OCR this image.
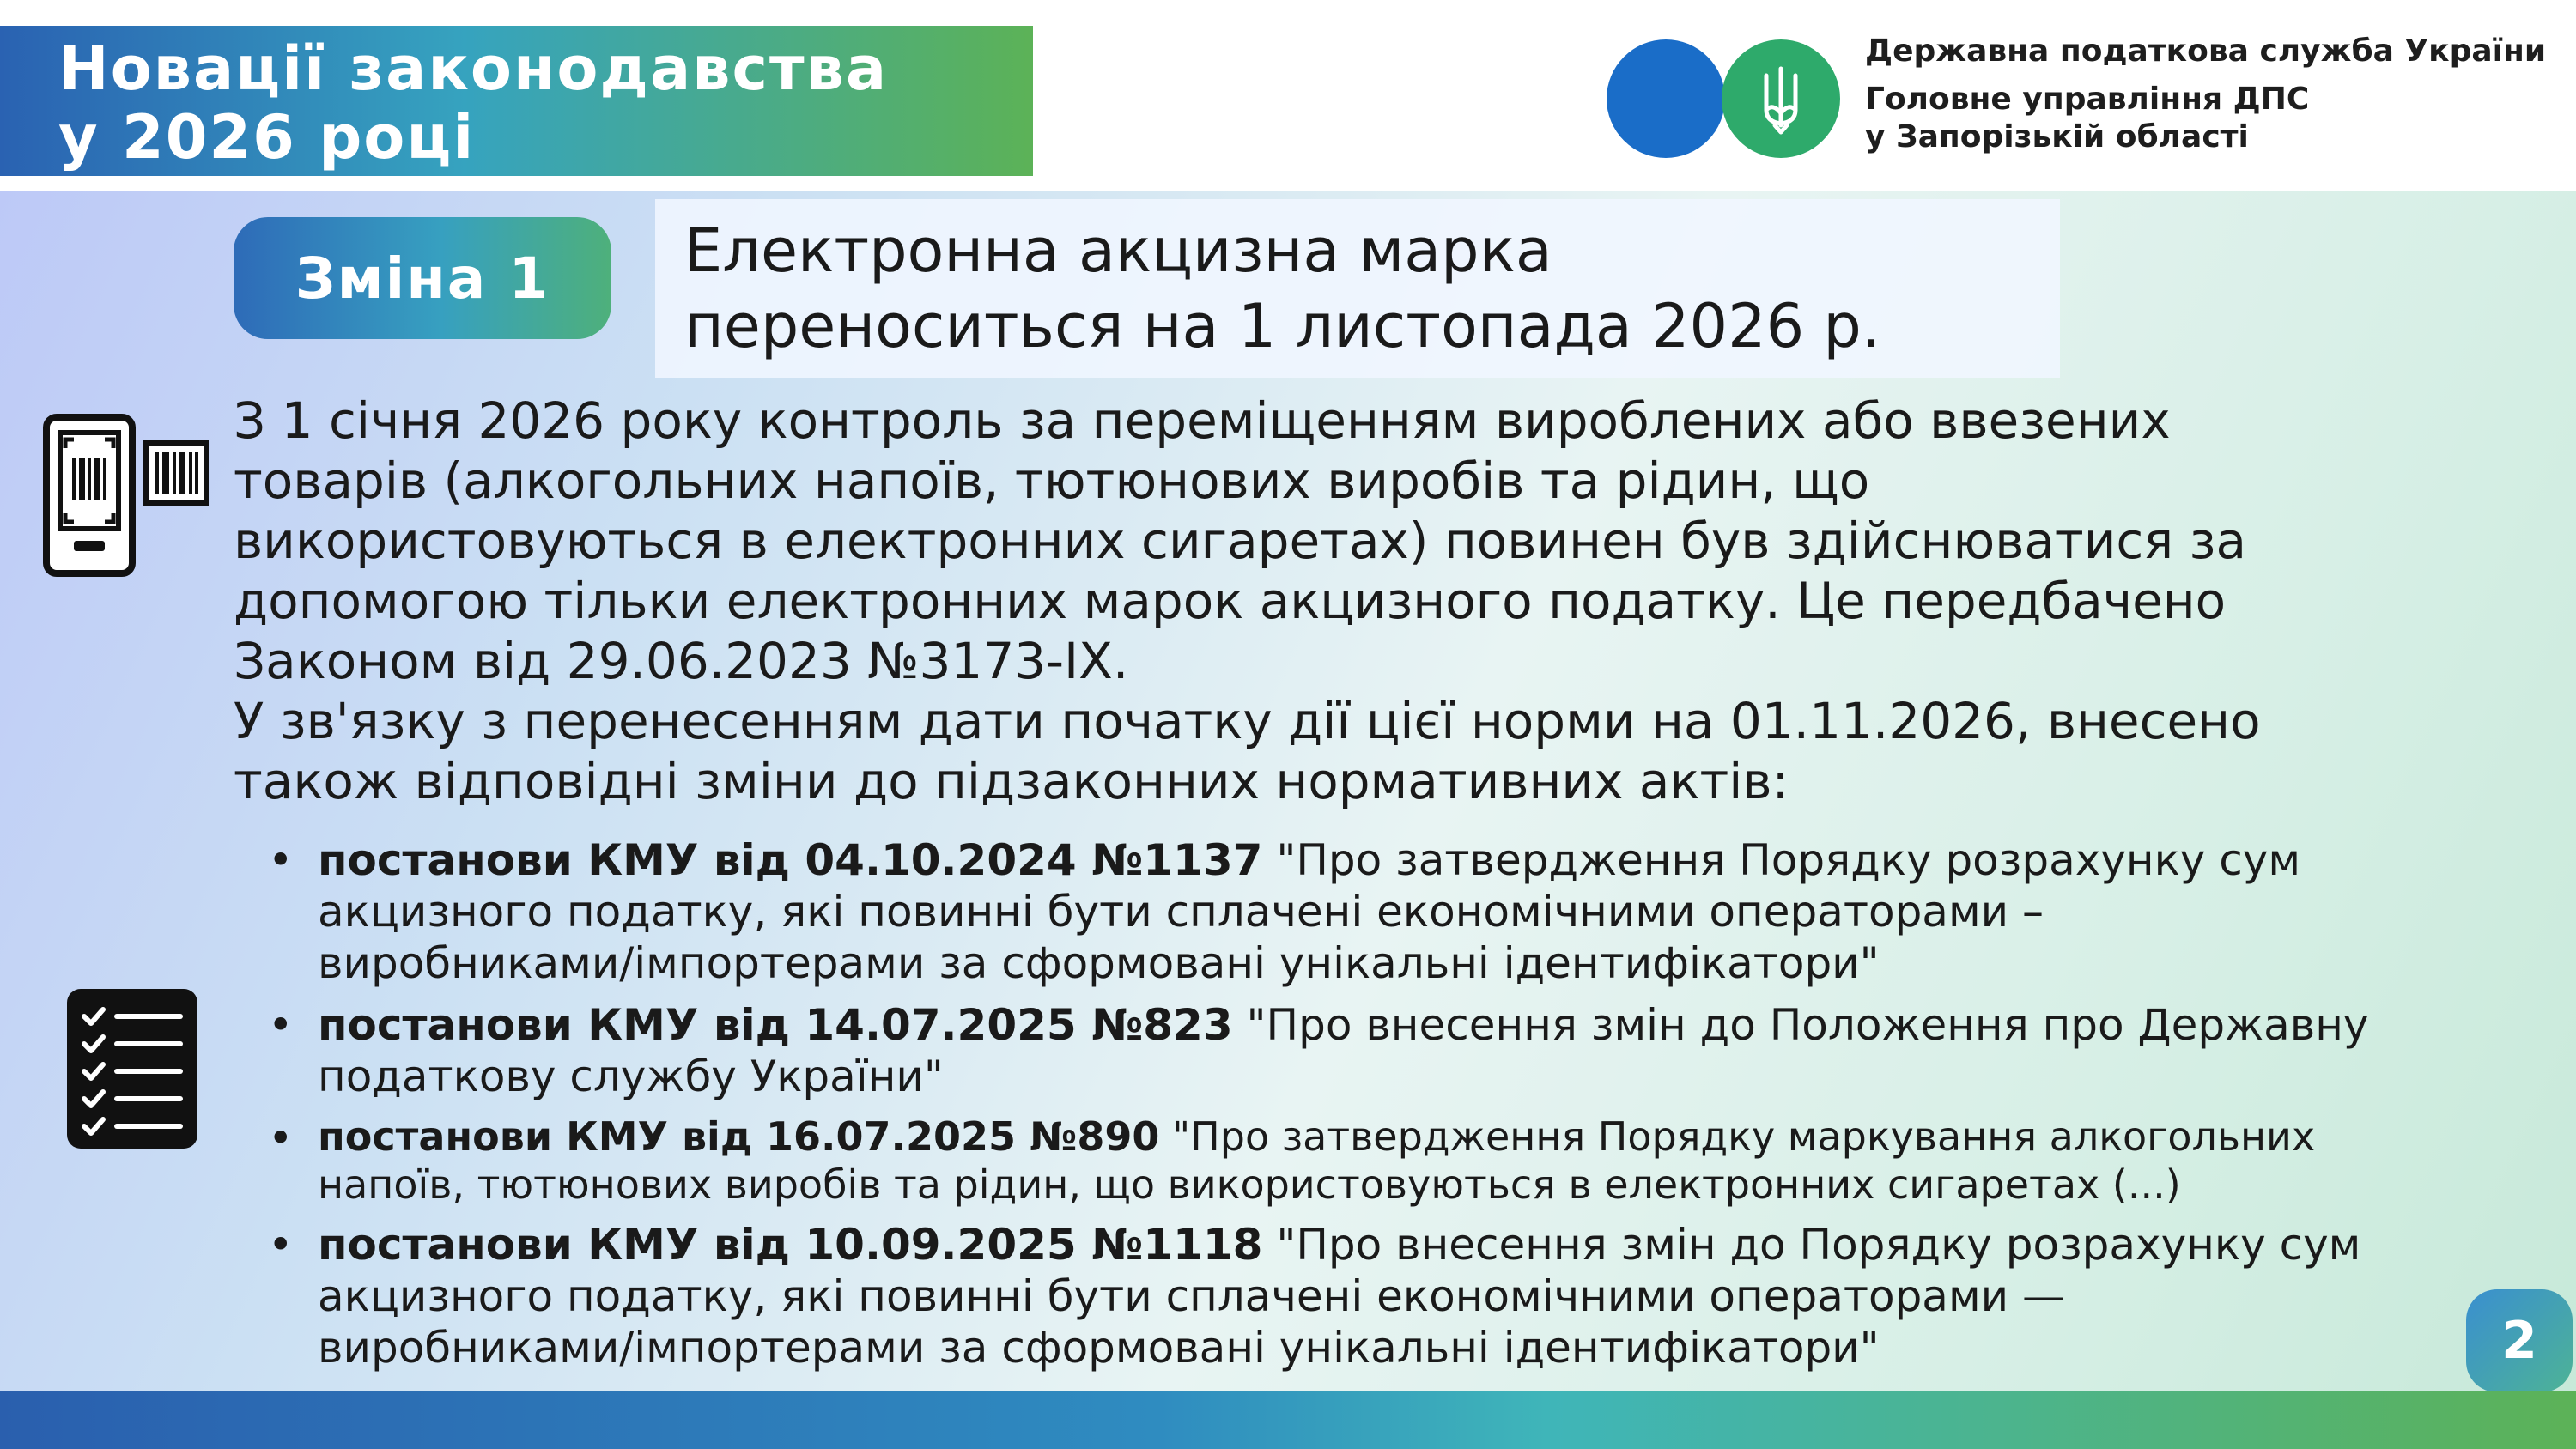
Новації законодавства
у 2026 році
Державна податкова служба України
Головне управління ДПС
у Запорізькій області
Зміна 1	Електронна акцизна марка
переноситься на 1 листопада 2026 р.
З 1 січня 2026 року контроль за переміщенням вироблених або ввезених
товарів (алкогольних напоїв, тютюнових виробів та рідин, що
використовуються в електронних сигаретах) повинен був здійснюватися за
допомогою тільки електронних марок акцизного податку. Це передбачено
Законом від 29.06.2023 №3173-IX.
У зв'язку з перенесенням дати початку дії цієї норми на 01.11.2026, внесено
також відповідні зміни до підзаконних нормативних актів:
• постанови КМУ від 04.10.2024 №1137 "Про затвердження Порядку розрахунку сум
акцизного податку, які повинні бути сплачені економічними операторами –
виробниками/імпортерами за сформовані унікальні ідентифікатори"
• постанови КМУ від 14.07.2025 №823 "Про внесення змін до Положення про Державну
податкову службу України"
• постанови КМУ від 16.07.2025 №890 "Про затвердження Порядку маркування алкогольних
напоїв, тютюнових виробів та рідин, що використовуються в електронних сигаретах (...)
• постанови КМУ від 10.09.2025 №1118 "Про внесення змін до Порядку розрахунку сум
акцизного податку, які повинні бути сплачені економічними операторами —
виробниками/імпортерами за сформовані унікальні ідентифікатори"	2
